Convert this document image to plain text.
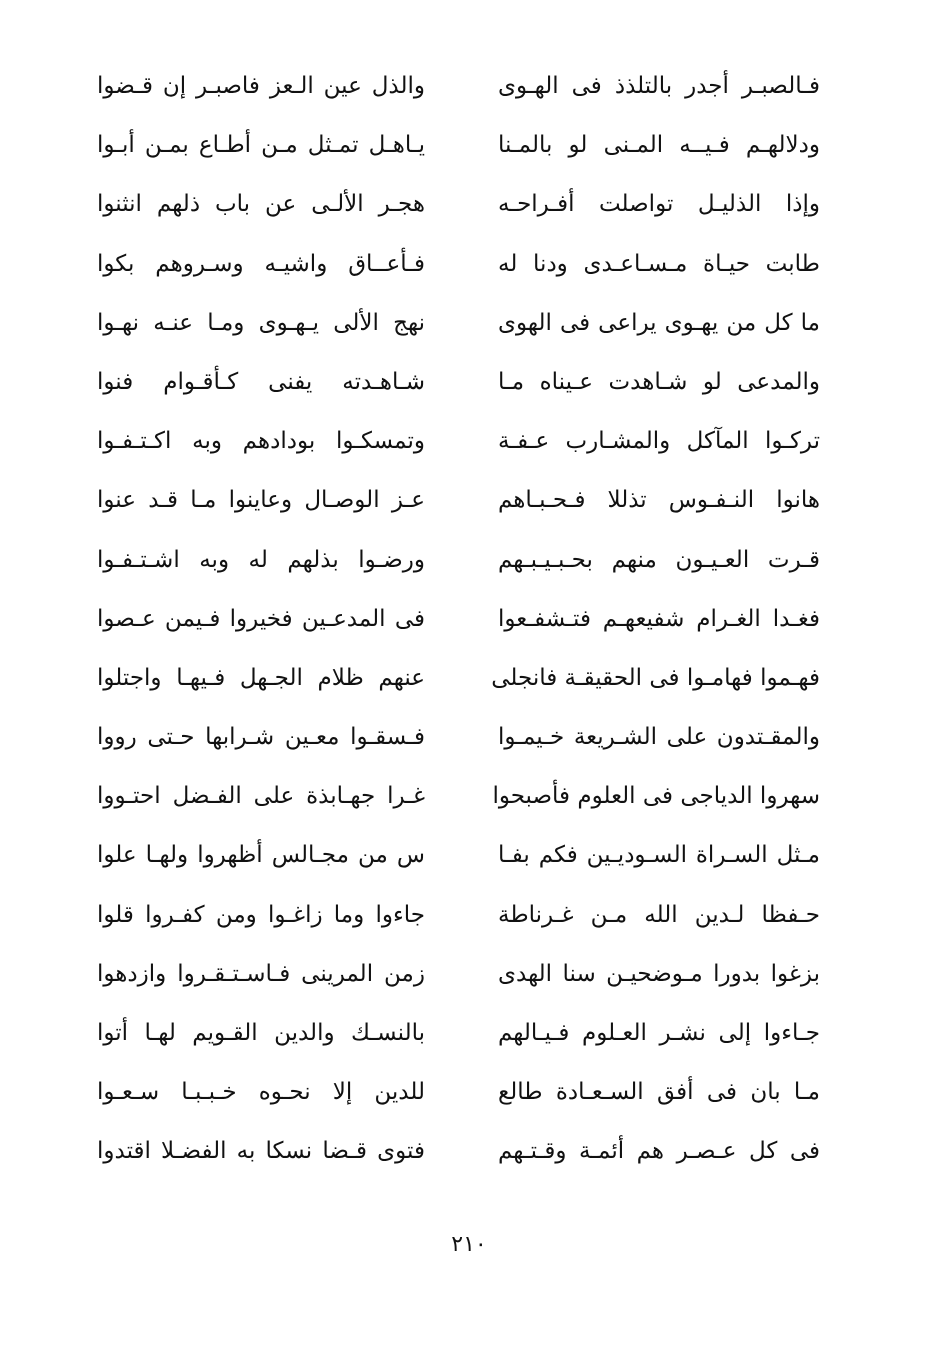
فـالصبـر أجدر بالتلذذ فى الهـوى
والذل عين الـعز فاصبـر إن قـضوا
ودلالهـم فـيــه المـنى لو بالمـنا
يـاهـل تمـثل مـن أطـاع بمـن أبـوا
وإذا الذليـل تواصلت أفـراحـه
هجـر الألـى عن باب ذلهم انثنوا
طابت حيـاة مـسـاعـدى ودنا له
فـأعــاق واشيـه وسـروهم بكوا
ما كل من يهـوى يراعى فى الهوى
نهج الألى يـهـوى ومـا عنـه نهـوا
والمدعى لو شـاهدت عـيناه مـا
شـاهـدته يفنى كـأقـوام فنوا
تركـوا المآكل والمشـارب عـفـة
وتمسكـوا بودادهم وبه اكـتـفـوا
هانوا النـفـوس تذللا فـحـبـاهم
عـز الوصـال وعاينوا مـا قـد عنوا
قـرت العـيـون منهم بحـبـيـبـهم
ورضـوا بذلهم له وبه اشـتـفـوا
فغـدا الغـرام شفيعهـم فتـشفـعوا
فى المدعـين فخيروا فـيمن عـصوا
فهـموا فهامـوا فى الحقيقـة فانجلى
عنهم ظلام الجـهل فـيهـا واجتلوا
والمقـتدون على الشـريعة خـيمـوا
فـسقـوا معـين شـرابها حـتى رووا
سهروا الدياجى فى العلوم فأصبحوا
غـرا جهـابذة على الفـضل احتـووا
مـثل السـراة السـوديـين فكم بفـا
س من مجـالس أظهروا ولهـا علوا
حـفظا لـدين الله مـن غـرناطة
جاءوا وما زاغـوا ومن كفـروا قلوا
بزغوا بدورا مـوضحيـن سنا الهدى
زمن المرينى فـاسـتـقـروا وازدهوا
جـاءوا إلى نشـر العـلوم فـيـالهم
بالنسـك والدين القـويم لهـا أتوا
مـا بان فى أفق السـعـادة طالع
للدين إلا نحـوه خـبـبـا سـعـوا
فى كل عـصـر هم أئمـة وقـتـهم
فتوى قـضا نسكا به الفضـلا اقتدوا
٢١٠
